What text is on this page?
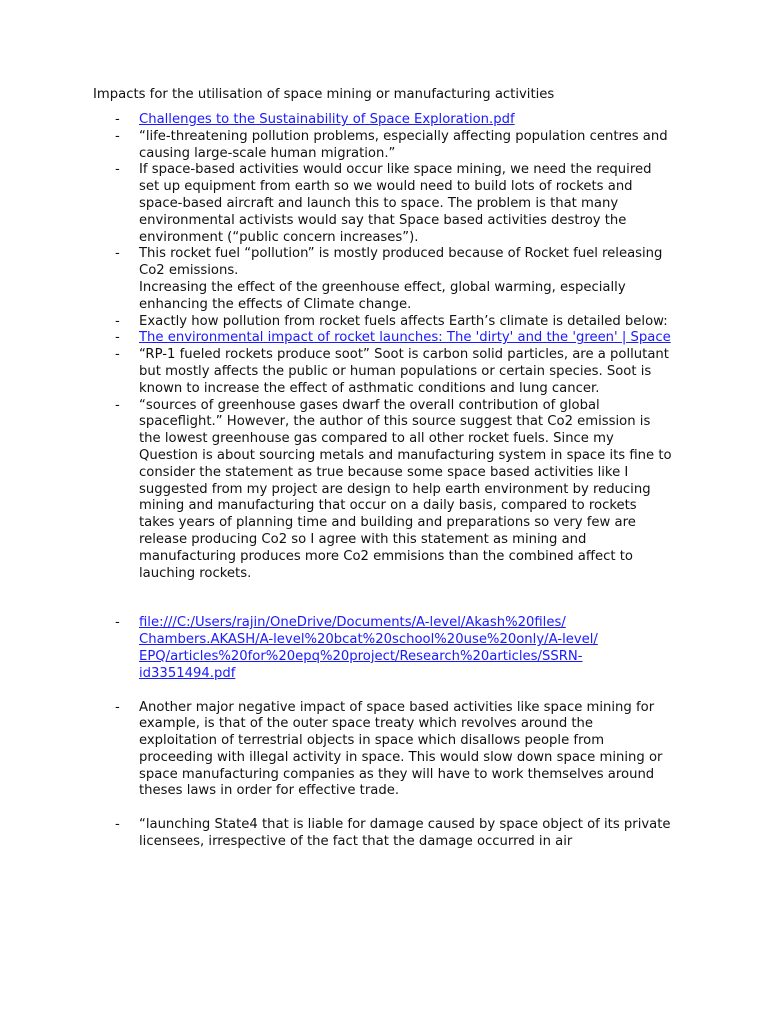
Impacts for the utilisation of space mining or manufacturing activities
- Challenges to the Sustainability of Space Exploration.pdf
- “life-threatening pollution problems, especially affecting population centres and causing large-scale human migration.”
- If space-based activities would occur like space mining, we need the required set up equipment from earth so we would need to build lots of rockets and space-based aircraft and launch this to space. The problem is that many environmental activists would say that Space based activities destroy the environment (“public concern increases”).
- This rocket fuel “pollution” is mostly produced because of Rocket fuel releasing Co2 emissions.
Increasing the effect of the greenhouse effect, global warming, especially enhancing the effects of Climate change.
- Exactly how pollution from rocket fuels affects Earth’s climate is detailed below:
- The environmental impact of rocket launches: The 'dirty' and the 'green' | Space
- “RP-1 fueled rockets produce soot” Soot is carbon solid particles, are a pollutant but mostly affects the public or human populations or certain species. Soot is known to increase the effect of asthmatic conditions and lung cancer.
- “sources of greenhouse gases dwarf the overall contribution of global spaceflight.” However, the author of this source suggest that Co2 emission is the lowest greenhouse gas compared to all other rocket fuels. Since my Question is about sourcing metals and manufacturing system in space its fine to consider the statement as true because some space based activities like I suggested from my project are design to help earth environment by reducing mining and manufacturing that occur on a daily basis, compared to rockets takes years of planning time and building and preparations so very few are release producing Co2 so I agree with this statement as mining and manufacturing produces more Co2 emmisions than the combined affect to lauching rockets.
- file:///C:/Users/rajin/OneDrive/Documents/A-level/Akash%20files/
Chambers.AKASH/A-level%20bcat%20school%20use%20only/A-level/
EPQ/articles%20for%20epq%20project/Research%20articles/SSRN-
id3351494.pdf
- Another major negative impact of space based activities like space mining for example, is that of the outer space treaty which revolves around the exploitation of terrestrial objects in space which disallows people from proceeding with illegal activity in space. This would slow down space mining or space manufacturing companies as they will have to work themselves around theses laws in order for effective trade.
- “launching State4 that is liable for damage caused by space object of its private licensees, irrespective of the fact that the damage occurred in air
